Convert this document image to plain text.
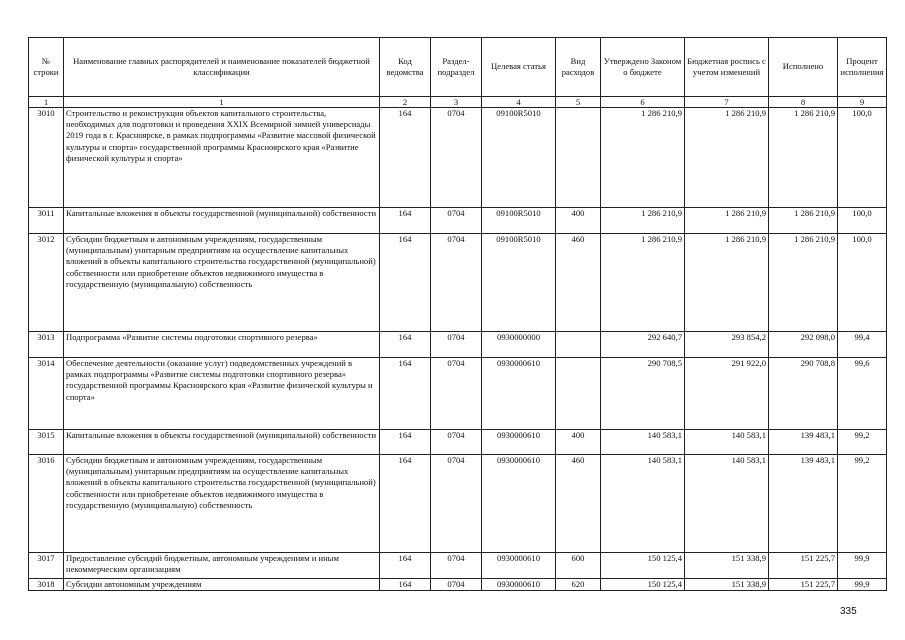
№ строки	Наименование главных распорядителей и наименование показателей бюджетной классификации	Код ведомства	Раздел-подраздел	Целевая статья	Вид расходов	Утверждено Законом о бюджете	Бюджетная роспись с учетом изменений	Исполнено	Процент исполнения
1	1	2	3	4	5	6	7	8	9
3010	Строительство и реконструкция объектов капитального строительства, необходимых для подготовки и проведения XXIX Всемирной зимней универсиады 2019 года в г. Красноярске, в рамках подпрограммы «Развитие массовой физической культуры и спорта» государственной программы Красноярского края «Развитие физической культуры и спорта»	164	0704	09100R5010		1 286 210,9	1 286 210,9	1 286 210,9	100,0
3011	Капитальные вложения в объекты государственной (муниципальной) собственности	164	0704	09100R5010	400	1 286 210,9	1 286 210,9	1 286 210,9	100,0
3012	Субсидии бюджетным и автономным учреждениям, государственным (муниципальным) унитарным предприятиям на осуществление капитальных вложений в объекты капитального строительства государственной (муниципальной) собственности или приобретение объектов недвижимого имущества в государственную (муниципальную) собственность	164	0704	09100R5010	460	1 286 210,9	1 286 210,9	1 286 210,9	100,0
3013	Подпрограмма «Развитие системы подготовки спортивного резерва»	164	0704	0930000000		292 640,7	293 854,2	292 098,0	99,4
3014	Обеспечение деятельности (оказание услуг) подведомственных учреждений в рамках подпрограммы «Развитие системы подготовки спортивного резерва» государственной программы Красноярского края «Развитие физической культуры и спорта»	164	0704	0930000610		290 708,5	291 922,0	290 708,8	99,6
3015	Капитальные вложения в объекты государственной (муниципальной) собственности	164	0704	0930000610	400	140 583,1	140 583,1	139 483,1	99,2
3016	Субсидии бюджетным и автономным учреждениям, государственным (муниципальным) унитарным предприятиям на осуществление капитальных вложений в объекты капитального строительства государственной (муниципальной) собственности или приобретение объектов недвижимого имущества в государственную (муниципальную) собственность	164	0704	0930000610	460	140 583,1	140 583,1	139 483,1	99,2
3017	Предоставление субсидий бюджетным, автономным учреждениям и иным некоммерческим организациям	164	0704	0930000610	600	150 125,4	151 338,9	151 225,7	99,9
3018	Субсидии автономным учреждениям	164	0704	0930000610	620	150 125,4	151 338,9	151 225,7	99,9
335
